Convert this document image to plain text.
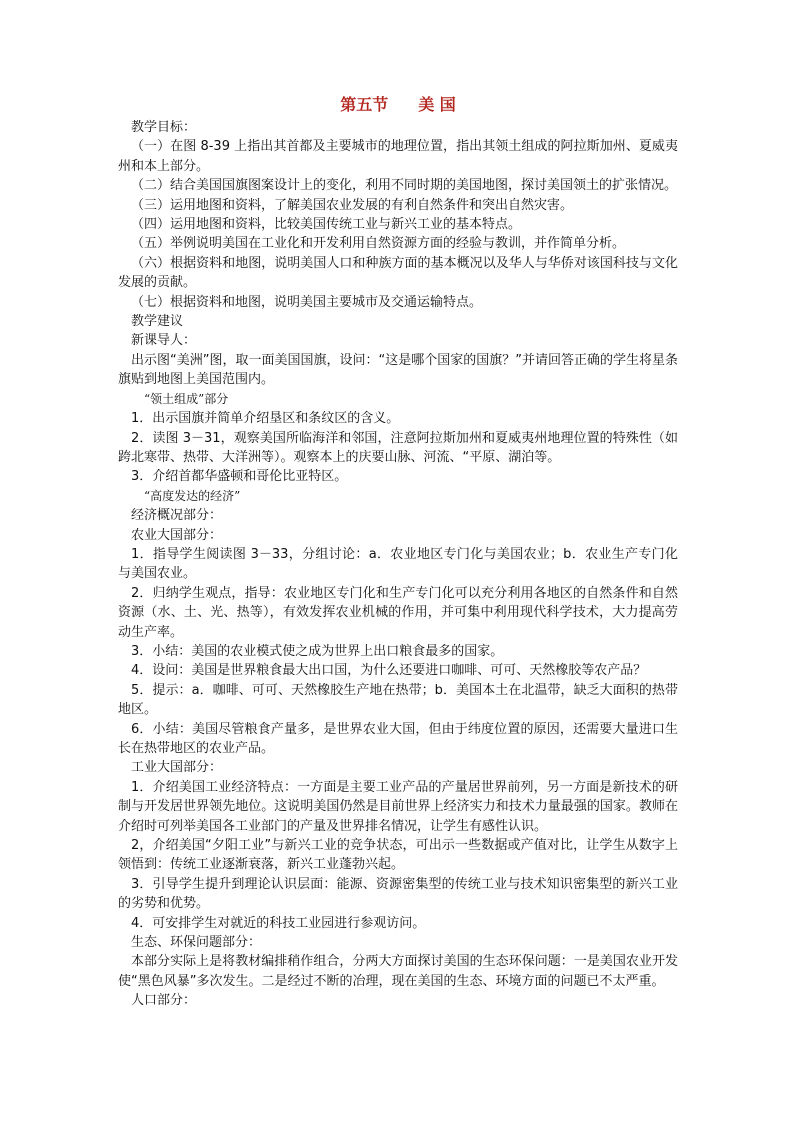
第五节 美 国

教学目标：

（一）在图 8-39 上指出其首都及主要城市的地理位置，指出其领土组成的阿拉斯加州、夏威夷州和本上部分。

（二）结合美国国旗图案设计上的变化，利用不同时期的美国地图，探讨美国领土的扩张情况。

（三）运用地图和资料，了解美国农业发展的有利自然条件和突出自然灾害。

（四）运用地图和资料，比较美国传统工业与新兴工业的基本特点。

（五）举例说明美国在工业化和开发利用自然资源方面的经验与教训，并作简单分析。

（六）根据资料和地图，说明美国人口和种族方面的基本概况以及华人与华侨对该国科技与文化发展的贡献。

（七）根据资料和地图，说明美国主要城市及交通运输特点。

教学建议

新课导人：

出示图“美洲”图，取一面美国国旗，设问：“这是哪个国家的国旗？”并请回答正确的学生将星条旗贴到地图上美国范围内。

“领土组成”部分

1．出示国旗并简单介绍垦区和条纹区的含义。

2．读图 3－31，观察美国所临海洋和邻国，注意阿拉斯加州和夏威夷州地理位置的特殊性（如跨北寒带、热带、大洋洲等）。观察本上的庆要山脉、河流、“平原、湖泊等。

3．介绍首都华盛顿和哥伦比亚特区。

“高度发达的经济”

经济概况部分：

农业大国部分：

1．指导学生阅读图 3－33，分组讨论：a．农业地区专门化与美国农业；b．农业生产专门化与美国农业。

2．归纳学生观点，指导：农业地区专门化和生产专门化可以充分利用各地区的自然条件和自然资源（水、土、光、热等），有效发挥农业机械的作用，并可集中利用现代科学技术，大力提高劳动生产率。

3．小结：美国的农业模式使之成为世界上出口粮食最多的国家。

4．设问：美国是世界粮食最大出口国，为什么还要进口咖啡、可可、天然橡胶等农产品？

5．提示：a．咖啡、可可、天然橡胶生产地在热带；b．美国本土在北温带，缺乏大面积的热带地区。

6．小结：美国尽管粮食产量多，是世界农业大国，但由于纬度位置的原因，还需要大量进口生长在热带地区的农业产品。

工业大国部分：

1．介绍美国工业经济特点：一方面是主要工业产品的产量居世界前列，另一方面是新技术的研制与开发居世界领先地位。这说明美国仍然是目前世界上经济实力和技术力量最强的国家。教师在介绍时可列举美国各工业部门的产量及世界排名情况，让学生有感性认识。

2，介绍美国“夕阳工业”与新兴工业的竞争状态，可出示一些数据或产值对比，让学生从数字上领悟到：传统工业逐渐衰落，新兴工业蓬勃兴起。

3．引导学生提升到理论认识层面：能源、资源密集型的传统工业与技术知识密集型的新兴工业的劣势和优势。

4．可安排学生对就近的科技工业园进行参观访问。

生态、环保问题部分：

本部分实际上是将教材编排稍作组合，分两大方面探讨美国的生态环保问题：一是美国农业开发使“黑色风暴”多次发生。二是经过不断的冶理，现在美国的生态、环境方面的问题已不太严重。

人口部分：
